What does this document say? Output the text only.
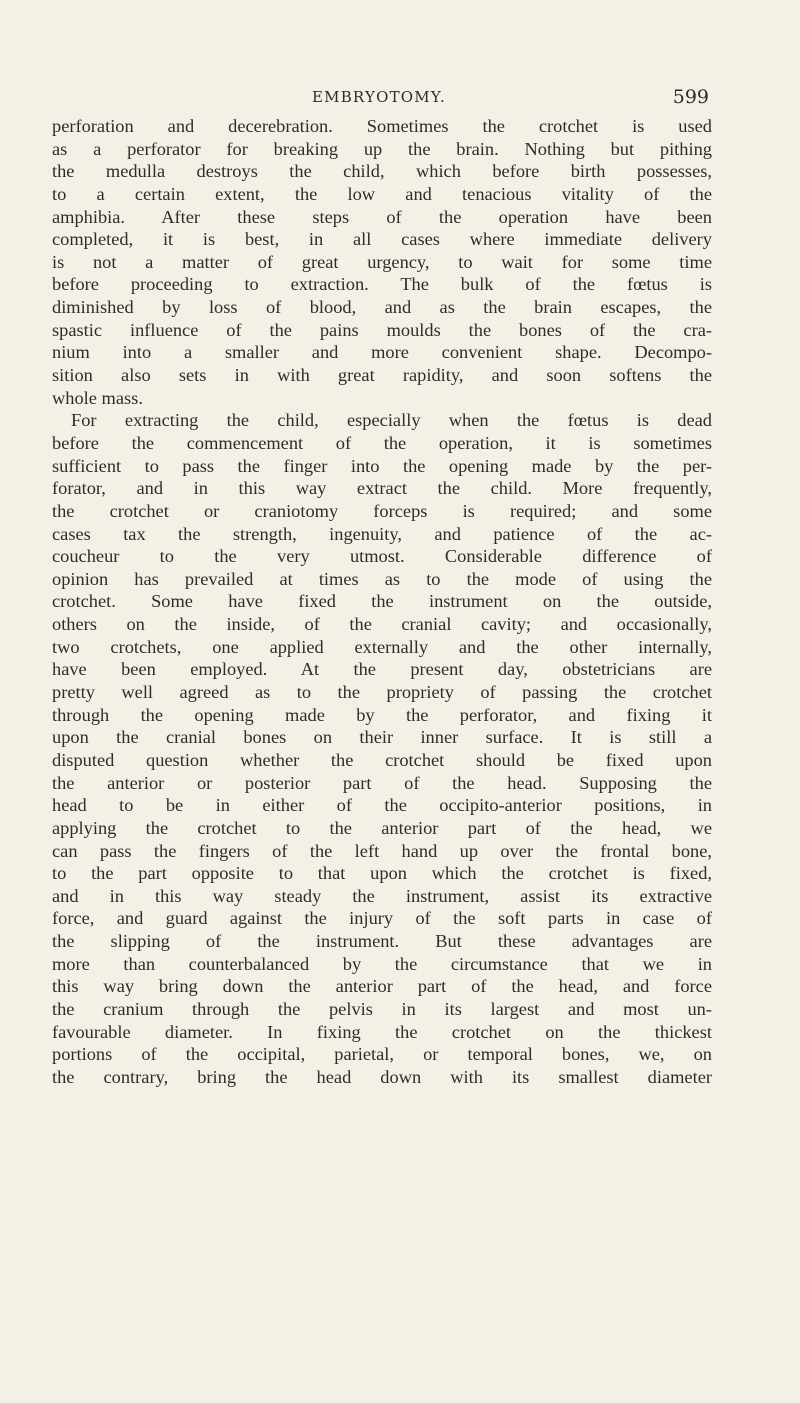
EMBRYOTOMY.	599
perforation and decerebration. Sometimes the crotchet is used
as a perforator for breaking up the brain. Nothing but pithing
the medulla destroys the child, which before birth possesses,
to a certain extent, the low and tenacious vitality of the
amphibia. After these steps of the operation have been
completed, it is best, in all cases where immediate delivery
is not a matter of great urgency, to wait for some time
before proceeding to extraction. The bulk of the fœtus is
diminished by loss of blood, and as the brain escapes, the
spastic influence of the pains moulds the bones of the cra-
nium into a smaller and more convenient shape. Decompo-
sition also sets in with great rapidity, and soon softens the
whole mass.
For extracting the child, especially when the fœtus is dead
before the commencement of the operation, it is sometimes
sufficient to pass the finger into the opening made by the per-
forator, and in this way extract the child. More frequently,
the crotchet or craniotomy forceps is required; and some
cases tax the strength, ingenuity, and patience of the ac-
coucheur to the very utmost. Considerable difference of
opinion has prevailed at times as to the mode of using the
crotchet. Some have fixed the instrument on the outside,
others on the inside, of the cranial cavity; and occasionally,
two crotchets, one applied externally and the other internally,
have been employed. At the present day, obstetricians are
pretty well agreed as to the propriety of passing the crotchet
through the opening made by the perforator, and fixing it
upon the cranial bones on their inner surface. It is still a
disputed question whether the crotchet should be fixed upon
the anterior or posterior part of the head. Supposing the
head to be in either of the occipito-anterior positions, in
applying the crotchet to the anterior part of the head, we
can pass the fingers of the left hand up over the frontal bone,
to the part opposite to that upon which the crotchet is fixed,
and in this way steady the instrument, assist its extractive
force, and guard against the injury of the soft parts in case of
the slipping of the instrument. But these advantages are
more than counterbalanced by the circumstance that we in
this way bring down the anterior part of the head, and force
the cranium through the pelvis in its largest and most un-
favourable diameter. In fixing the crotchet on the thickest
portions of the occipital, parietal, or temporal bones, we, on
the contrary, bring the head down with its smallest diameter
